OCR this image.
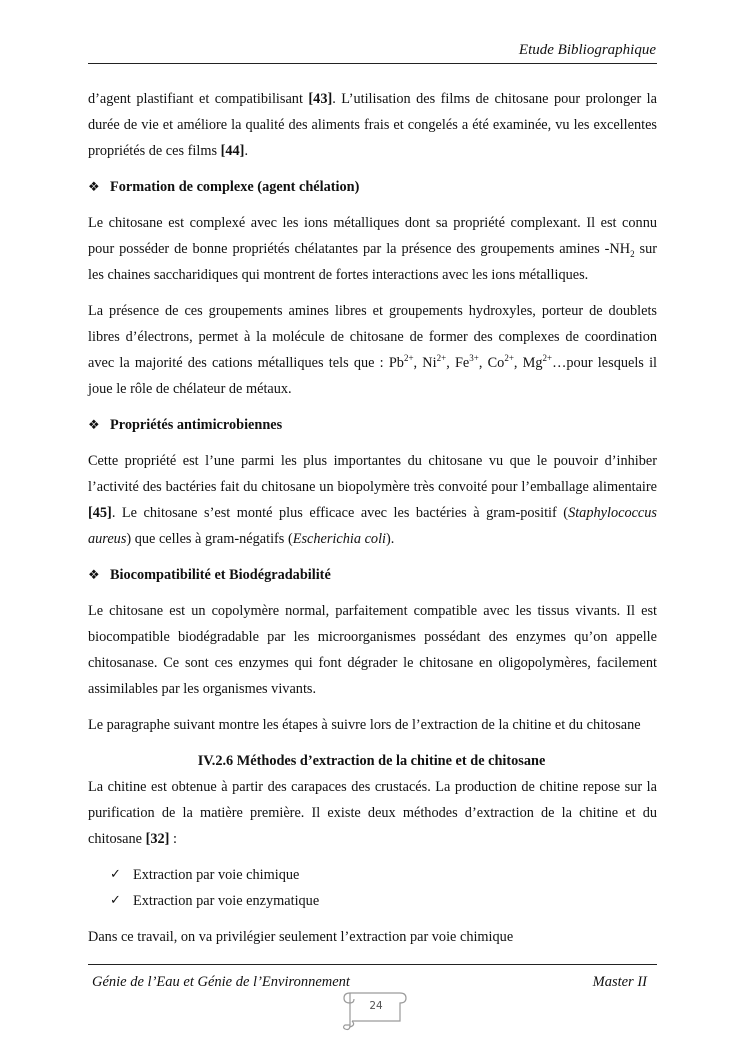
Etude Bibliographique

d’agent plastifiant et compatibilisant [43]. L’utilisation des films de chitosane pour prolonger la durée de vie et améliore la qualité des aliments frais et congelés a été examinée, vu les excellentes propriétés de ces films [44].

❖ Formation de complexe (agent chélation)

Le chitosane est complexé avec les ions métalliques dont sa propriété complexant. Il est connu pour posséder de bonne propriétés chélatantes par la présence des groupements amines $-NH_2$ sur les chaines saccharidiques qui montrent de fortes interactions avec les ions métalliques.

La présence de ces groupements amines libres et groupements hydroxyles, porteur de doublets libres d’électrons, permet à la molécule de chitosane de former des complexes de coordination avec la majorité des cations métalliques tels que : $Pb^{2+}$, $Ni^{2+}$, $Fe^{3+}$, $Co^{2+}$, $Mg^{2+}\dots pour$ lesquels il joue le rôle de chélateur de métaux.

❖ Propriétés antimicrobiennes

Cette propriété est l’une parmi les plus importantes du chitosane vu que le pouvoir d’inhiber l’activité des bactéries fait du chitosane un biopolymère très convoité pour l’emballage alimentaire [45]. Le chitosane s’est monté plus efficace avec les bactéries à gram-positif (Staphylococcus aureus) que celles à gram-négatifs (Escherichia coli).

❖ Biocompatibilité et Biodégradabilité

Le chitosane est un copolymère normal, parfaitement compatible avec les tissus vivants. Il est biocompatible biodégradable par les microorganismes possédant des enzymes qu’on appelle chitosanase. Ce sont ces enzymes qui font dégrader le chitosane en oligopolymères, facilement assimilables par les organismes vivants.

Le paragraphe suivant montre les étapes à suivre lors de l’extraction de la chitine et du chitosane

IV.2.6 Méthodes d’extraction de la chitine et de chitosane

La chitine est obtenue à partir des carapaces des crustacés. La production de chitine repose sur la purification de la matière première. Il existe deux méthodes d’extraction de la chitine et du chitosane [32] :

✓ Extraction par voie chimique
✓ Extraction par voie enzymatique

Dans ce travail, on va privilégier seulement l’extraction par voie chimique

Génie de l’Eau et Génie de l’Environnement	Master II
24
